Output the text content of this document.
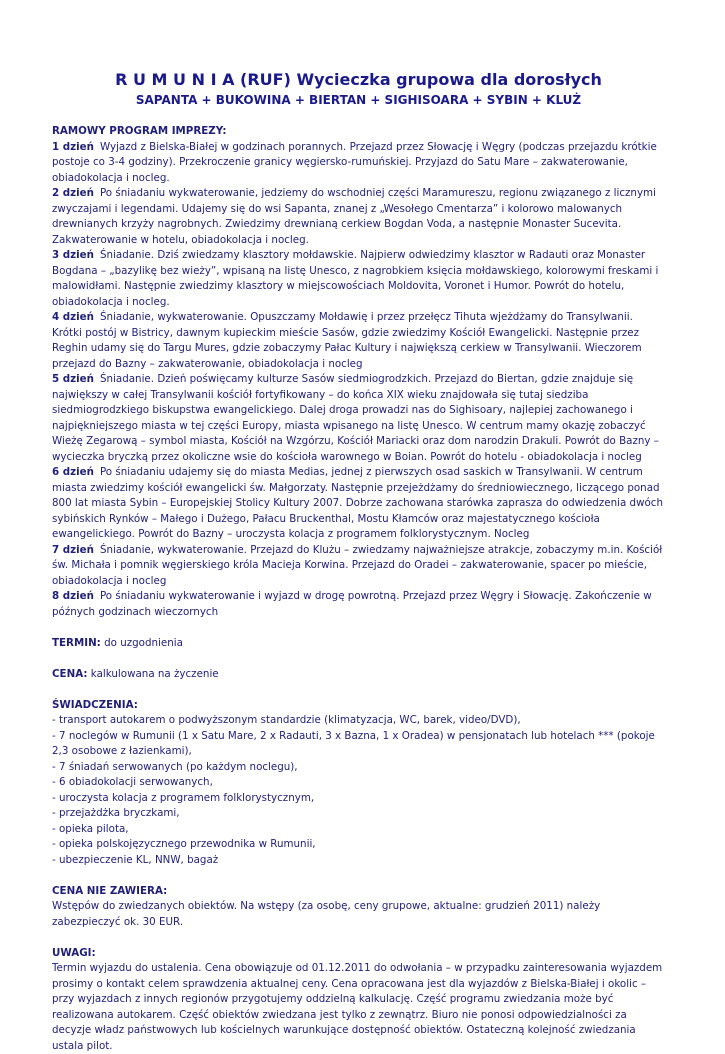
R U M U N I A (RUF) Wycieczka grupowa dla dorosłych
SAPANTA + BUKOWINA + BIERTAN + SIGHISOARA + SYBIN + KLUŻ

RAMOWY PROGRAM IMPREZY:

1 dzień Wyjazd z Bielska-Białej w godzinach porannych. Przejazd przez Słowację i Węgry (podczas przejazdu krótkie postoje co 3-4 godziny). Przekroczenie granicy węgiersko-rumuńskiej. Przyjazd do Satu Mare – zakwaterowanie, obiadokolacja i nocleg.

2 dzień Po śniadaniu wykwaterowanie, jedziemy do wschodniej części Maramureszu, regionu związanego z licznymi zwyczajami i legendami. Udajemy się do wsi Sapanta, znanej z „Wesołego Cmentarza” i kolorowo malowanych drewnianych krzyży nagrobnych. Zwiedzimy drewnianą cerkiew Bogdan Voda, a następnie Monaster Sucevita. Zakwaterowanie w hotelu, obiadokolacja i nocleg.

3 dzień Śniadanie. Dziś zwiedzamy klasztory mołdawskie. Najpierw odwiedzimy klasztor w Radauti oraz Monaster Bogdana – „bazylikę bez wieży”, wpisaną na listę Unesco, z nagrobkiem księcia mołdawskiego, kolorowymi freskami i malowidłami. Następnie zwiedzimy klasztory w miejscowościach Moldovita, Voronet i Humor. Powrót do hotelu, obiadokolacja i nocleg.

4 dzień Śniadanie, wykwaterowanie. Opuszczamy Mołdawię i przez przełęcz Tihuta wjeżdżamy do Transylwanii. Krótki postój w Bistricy, dawnym kupieckim mieście Sasów, gdzie zwiedzimy Kościół Ewangelicki. Następnie przez Reghin udamy się do Targu Mures, gdzie zobaczymy Pałac Kultury i największą cerkiew w Transylwanii. Wieczorem przejazd do Bazny – zakwaterowanie, obiadokolacja i nocleg

5 dzień Śniadanie. Dzień poświęcamy kulturze Sasów siedmiogrodzkich. Przejazd do Biertan, gdzie znajduje się największy w całej Transylwanii kościół fortyfikowany – do końca XIX wieku znajdowała się tutaj siedziba siedmiogrodzkiego biskupstwa ewangelickiego. Dalej droga prowadzi nas do Sighisoary, najlepiej zachowanego i najpiękniejszego miasta w tej części Europy, miasta wpisanego na listę Unesco. W centrum mamy okazję zobaczyć Wieżę Zegarową – symbol miasta, Kościół na Wzgórzu, Kościół Mariacki oraz dom narodzin Drakuli. Powrót do Bazny – wycieczka bryczką przez okoliczne wsie do kościoła warownego w Boian. Powrót do hotelu - obiadokolacja i nocleg

6 dzień Po śniadaniu udajemy się do miasta Medias, jednej z pierwszych osad saskich w Transylwanii. W centrum miasta zwiedzimy kościół ewangelicki św. Małgorzaty. Następnie przejeżdżamy do średniowiecznego, liczącego ponad 800 lat miasta Sybin – Europejskiej Stolicy Kultury 2007. Dobrze zachowana starówka zaprasza do odwiedzenia dwóch sybińskich Rynków – Małego i Dużego, Pałacu Bruckenthal, Mostu Kłamców oraz majestatycznego kościoła ewangelickiego. Powrót do Bazny – uroczysta kolacja z programem folklorystycznym. Nocleg

7 dzień Śniadanie, wykwaterowanie. Przejazd do Klużu – zwiedzamy najważniejsze atrakcje, zobaczymy m.in. Kościół św. Michała i pomnik węgierskiego króla Macieja Korwina. Przejazd do Oradei – zakwaterowanie, spacer po mieście, obiadokolacja i nocleg

8 dzień Po śniadaniu wykwaterowanie i wyjazd w drogę powrotną. Przejazd przez Węgry i Słowację. Zakończenie w późnych godzinach wieczornych

TERMIN: do uzgodnienia

CENA: kalkulowana na życzenie

ŚWIADCZENIA:

- transport autokarem o podwyższonym standardzie (klimatyzacja, WC, barek, video/DVD),

- 7 noclegów w Rumunii (1 x Satu Mare, 2 x Radauti, 3 x Bazna, 1 x Oradea) w pensjonatach lub hotelach *** (pokoje 2,3 osobowe z łazienkami),

- 7 śniadań serwowanych (po każdym noclegu),

- 6 obiadokolacji serwowanych,

- uroczysta kolacja z programem folklorystycznym,

- przejażdżka bryczkami,

- opieka pilota,

- opieka polskojęzycznego przewodnika w Rumunii,

- ubezpieczenie KL, NNW, bagaż

CENA NIE ZAWIERA:

Wstępów do zwiedzanych obiektów. Na wstępy (za osobę, ceny grupowe, aktualne: grudzień 2011) należy zabezpieczyć ok. 30 EUR.

UWAGI:

Termin wyjazdu do ustalenia. Cena obowiązuje od 01.12.2011 do odwołania – w przypadku zainteresowania wyjazdem prosimy o kontakt celem sprawdzenia aktualnej ceny. Cena opracowana jest dla wyjazdów z Bielska-Białej i okolic – przy wyjazdach z innych regionów przygotujemy oddzielną kalkulację. Część programu zwiedzania może być realizowana autokarem. Część obiektów zwiedzana jest tylko z zewnątrz. Biuro nie ponosi odpowiedzialności za decyzje władz państwowych lub kościelnych warunkujące dostępność obiektów. Ostateczną kolejność zwiedzania ustala pilot.
